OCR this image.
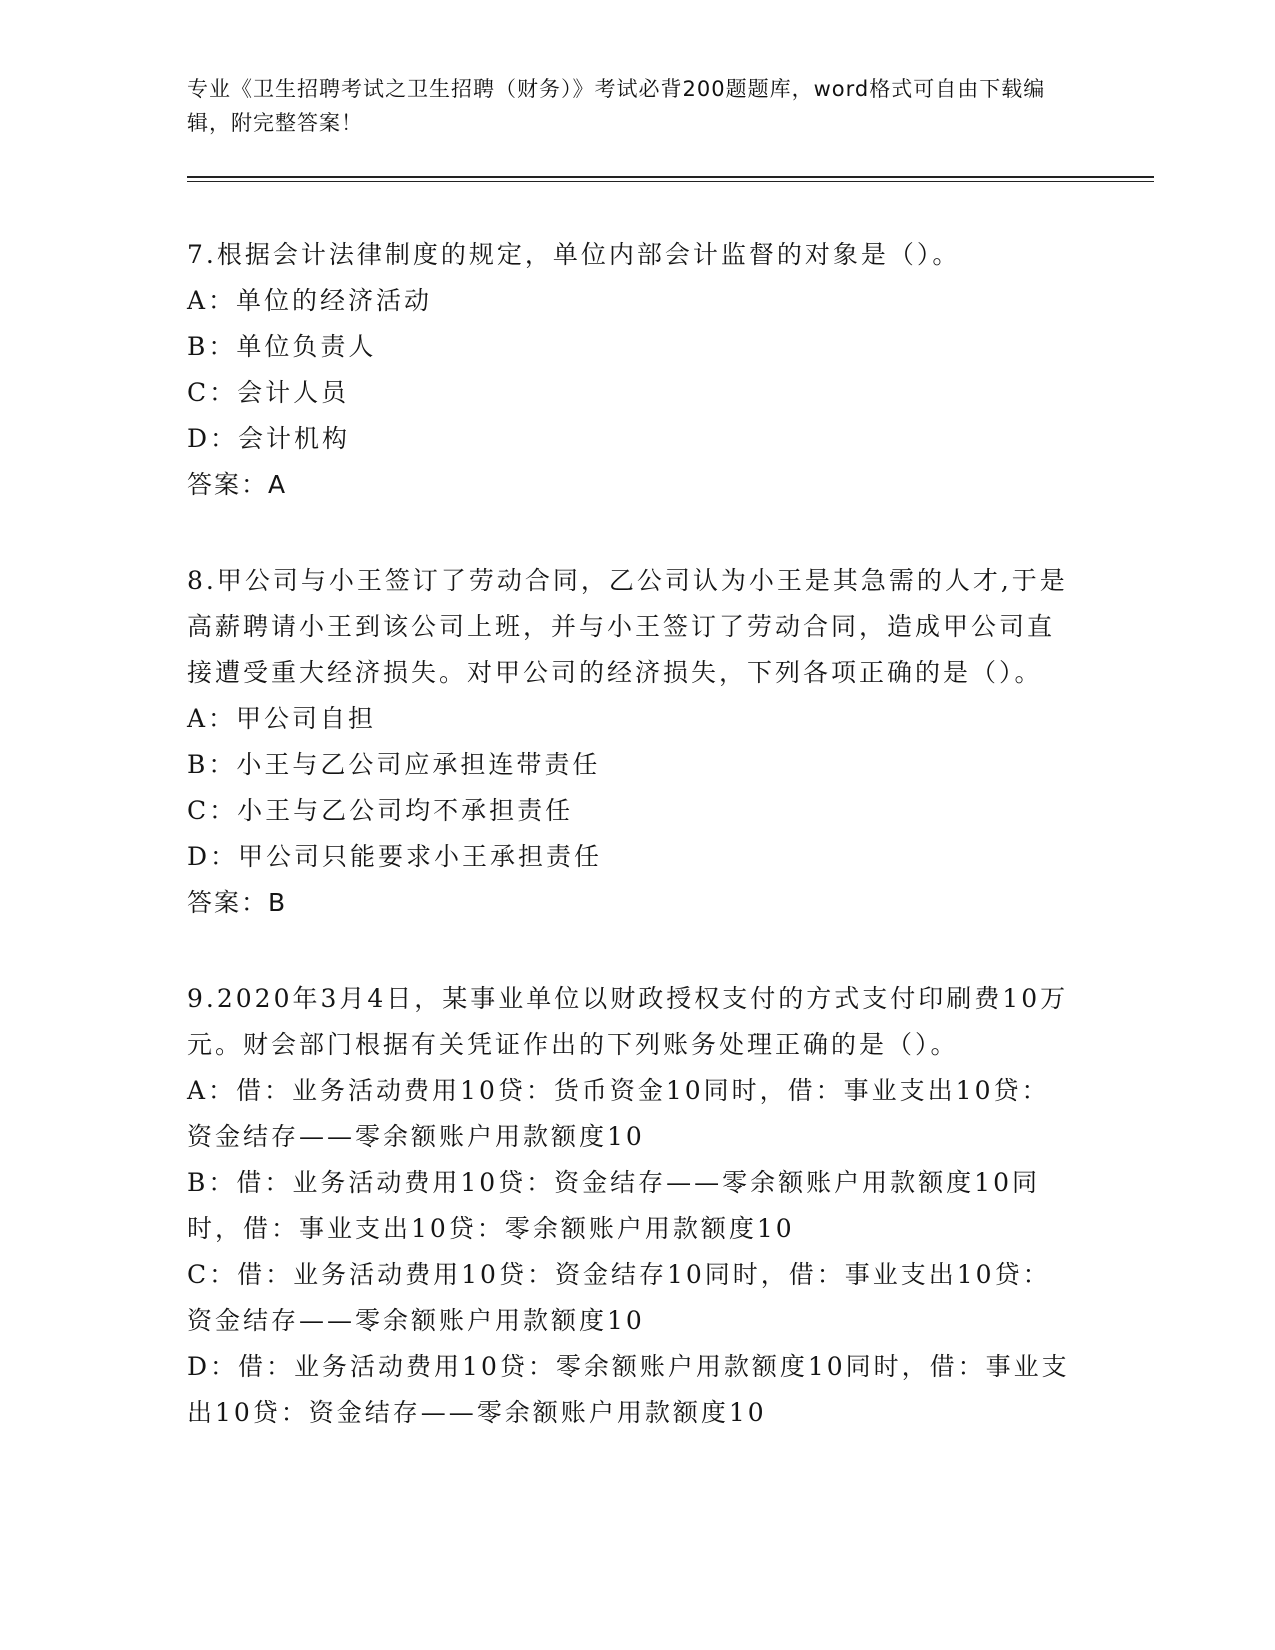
专业《卫生招聘考试之卫生招聘（财务）》考试必背200题题库，word格式可自由下载编辑，附完整答案！

7.根据会计法律制度的规定，单位内部会计监督的对象是（）。

A：单位的经济活动

B：单位负责人

C：会计人员

D：会计机构

答案：A

8.甲公司与小王签订了劳动合同，乙公司认为小王是其急需的人才,于是高薪聘请小王到该公司上班，并与小王签订了劳动合同，造成甲公司直接遭受重大经济损失。对甲公司的经济损失，下列各项正确的是（）。

A：甲公司自担

B：小王与乙公司应承担连带责任

C：小王与乙公司均不承担责任

D：甲公司只能要求小王承担责任

答案：B

9.2020年3月4日，某事业单位以财政授权支付的方式支付印刷费10万元。财会部门根据有关凭证作出的下列账务处理正确的是（）。

A：借：业务活动费用10贷：货币资金10同时，借：事业支出10贷：资金结存——零余额账户用款额度10

B：借：业务活动费用10贷：资金结存——零余额账户用款额度10同时，借：事业支出10贷：零余额账户用款额度10

C：借：业务活动费用10贷：资金结存10同时，借：事业支出10贷：资金结存——零余额账户用款额度10

D：借：业务活动费用10贷：零余额账户用款额度10同时，借：事业支出10贷：资金结存——零余额账户用款额度10
